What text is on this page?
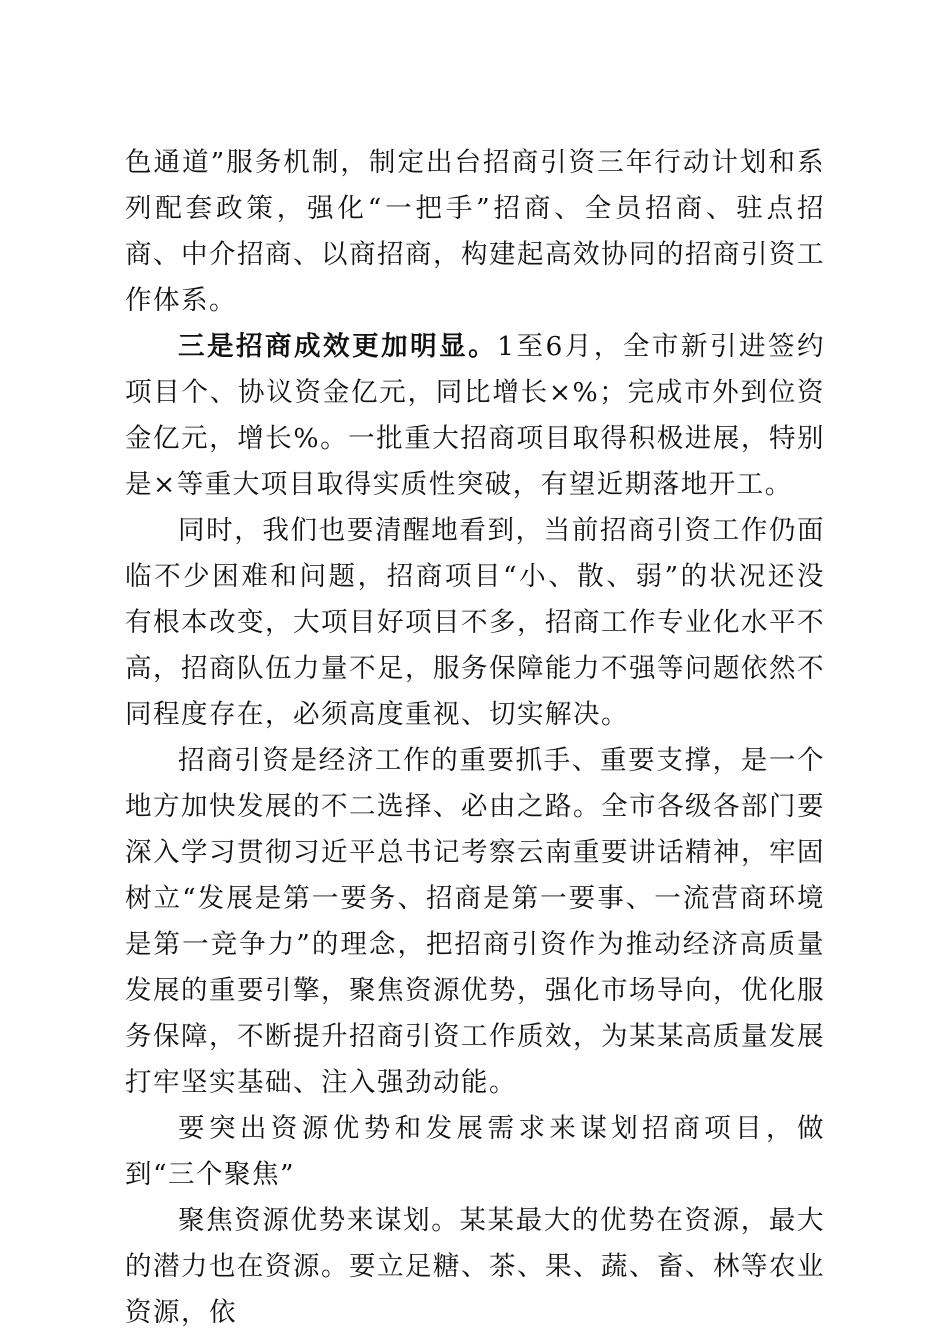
色通道”服务机制，制定出台招商引资三年行动计划和系列配套政策，强化“一把手”招商、全员招商、驻点招商、中介招商、以商招商，构建起高效协同的招商引资工作体系。

三是招商成效更加明显。1至6月，全市新引进签约项目个、协议资金亿元，同比增长×%；完成市外到位资金亿元，增长%。一批重大招商项目取得积极进展，特别是×等重大项目取得实质性突破，有望近期落地开工。

同时，我们也要清醒地看到，当前招商引资工作仍面临不少困难和问题，招商项目“小、散、弱”的状况还没有根本改变，大项目好项目不多，招商工作专业化水平不高，招商队伍力量不足，服务保障能力不强等问题依然不同程度存在，必须高度重视、切实解决。

招商引资是经济工作的重要抓手、重要支撑，是一个地方加快发展的不二选择、必由之路。全市各级各部门要深入学习贯彻习近平总书记考察云南重要讲话精神，牢固树立“发展是第一要务、招商是第一要事、一流营商环境是第一竞争力”的理念，把招商引资作为推动经济高质量发展的重要引擎，聚焦资源优势，强化市场导向，优化服务保障，不断提升招商引资工作质效，为某某高质量发展打牢坚实基础、注入强劲动能。

要突出资源优势和发展需求来谋划招商项目，做到“三个聚焦”

聚焦资源优势来谋划。某某最大的优势在资源，最大的潜力也在资源。要立足糖、茶、果、蔬、畜、林等农业资源，依
